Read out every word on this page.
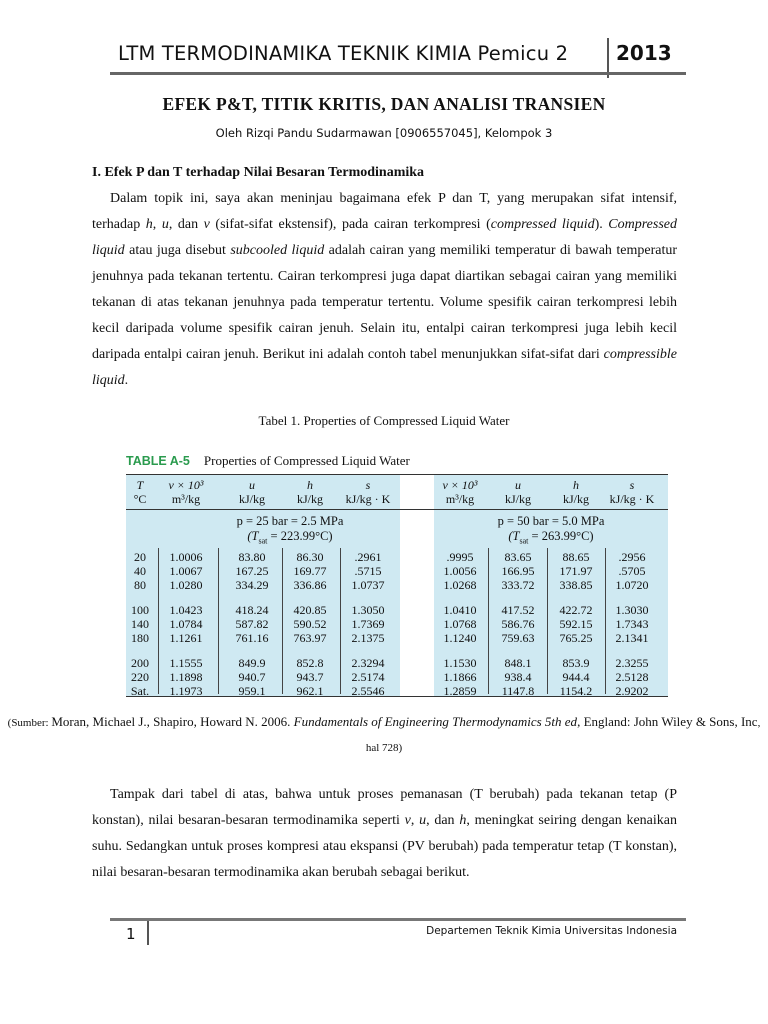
LTM TERMODINAMIKA TEKNIK KIMIA Pemicu 2 2013
EFEK P&T, TITIK KRITIS, DAN ANALISI TRANSIEN
Oleh Rizqi Pandu Sudarmawan [0906557045], Kelompok 3
I. Efek P dan T terhadap Nilai Besaran Termodinamika

Dalam topik ini, saya akan meninjau bagaimana efek P dan T, yang merupakan sifat intensif, terhadap h, u, dan v (sifat-sifat ekstensif), pada cairan terkompresi (compressed liquid). Compressed liquid atau juga disebut subcooled liquid adalah cairan yang memiliki temperatur di bawah temperatur jenuhnya pada tekanan tertentu. Cairan terkompresi juga dapat diartikan sebagai cairan yang memiliki tekanan di atas tekanan jenuhnya pada temperatur tertentu. Volume spesifik cairan terkompresi lebih kecil daripada volume spesifik cairan jenuh. Selain itu, entalpi cairan terkompresi juga lebih kecil daripada entalpi cairan jenuh. Berikut ini adalah contoh tabel menunjukkan sifat-sifat dari compressible liquid.

Tabel 1. Properties of Compressed Liquid Water
TABLE A-5 Properties of Compressed Liquid Water
T	v × 10³	u	h	s	v × 10³	u	h	s
°C	m³/kg	kJ/kg	kJ/kg	kJ/kg · K	m³/kg	kJ/kg	kJ/kg	kJ/kg · K
p = 25 bar = 2.5 MPa
$(T_{sat} = 223.99^\circ C)$
p = 50 bar = 5.0 MPa
$(T_{sat} = 263.99^\circ C)$
20	1.0006	83.80	86.30	.2961	.9995	83.65	88.65	.2956
40	1.0067	167.25	169.77	.5715	1.0056	166.95	171.97	.5705
80	1.0280	334.29	336.86	1.0737	1.0268	333.72	338.85	1.0720
100	1.0423	418.24	420.85	1.3050	1.0410	417.52	422.72	1.3030
140	1.0784	587.82	590.52	1.7369	1.0768	586.76	592.15	1.7343
180	1.1261	761.16	763.97	2.1375	1.1240	759.63	765.25	2.1341
200	1.1555	849.9	852.8	2.3294	1.1530	848.1	853.9	2.3255
220	1.1898	940.7	943.7	2.5174	1.1866	938.4	944.4	2.5128
Sat.	1.1973	959.1	962.1	2.5546	1.2859	1147.8	1154.2	2.9202
(Sumber: Moran, Michael J., Shapiro, Howard N. 2006. Fundamentals of Engineering Thermodynamics 5th ed, England: John Wiley & Sons, Inc, hal 728)

Tampak dari tabel di atas, bahwa untuk proses pemanasan (T berubah) pada tekanan tetap (P konstan), nilai besaran-besaran termodinamika seperti v, u, dan h, meningkat seiring dengan kenaikan suhu. Sedangkan untuk proses kompresi atau ekspansi (PV berubah) pada temperatur tetap (T konstan), nilai besaran-besaran termodinamika akan berubah sebagai berikut.

1	Departemen Teknik Kimia Universitas Indonesia
